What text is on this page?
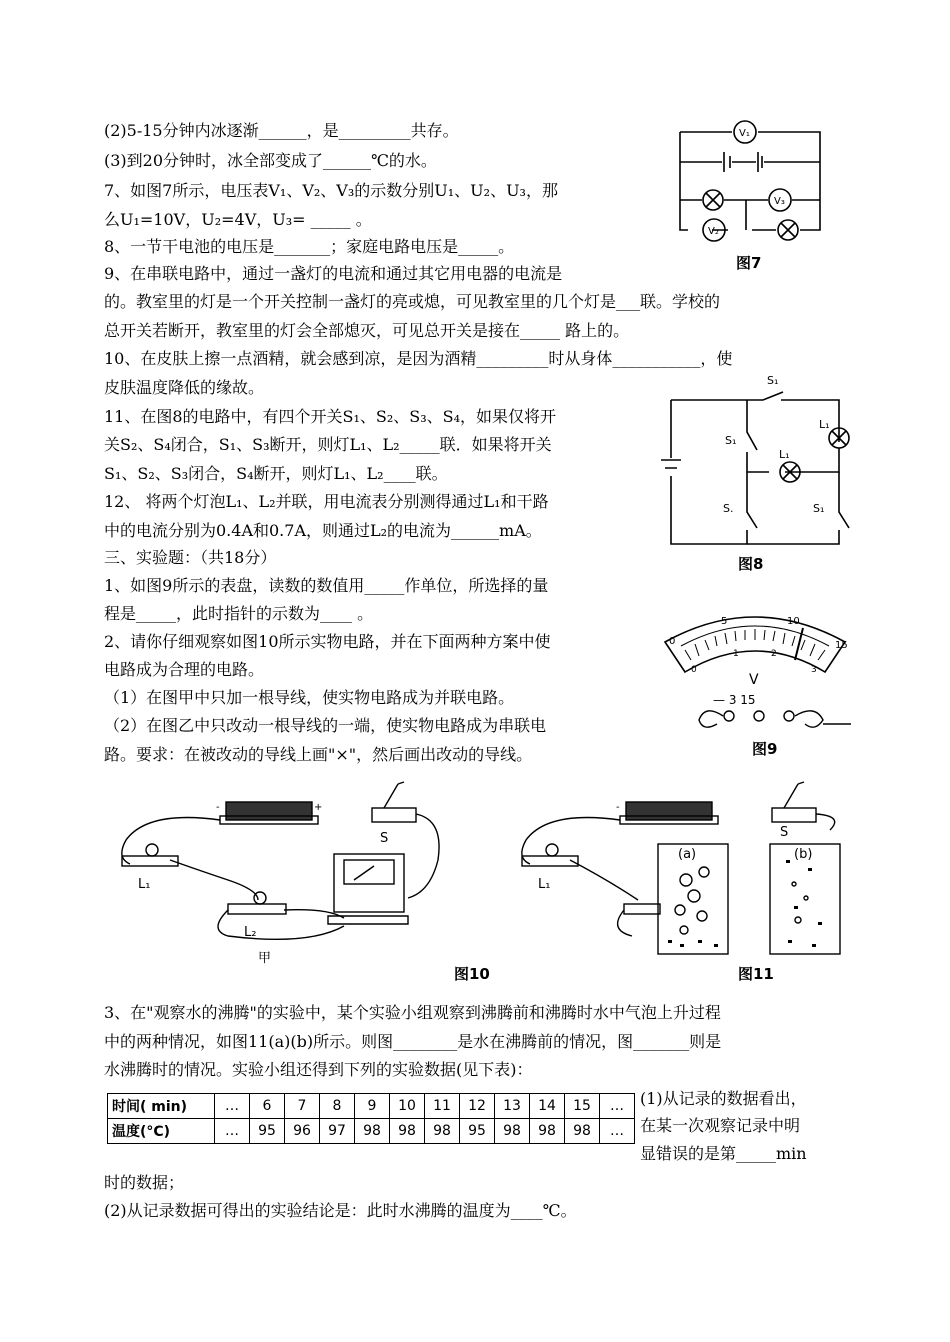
(2)5-15分钟内冰逐渐______，是_________共存。
(3)到20分钟时，冰全部变成了______℃的水。
7、如图7所示，电压表V₁、V₂、V₃的示数分别U₁、U₂、U₃，那
么U₁=10V，U₂=4V，U₃= _____ 。
8、一节干电池的电压是_______；家庭电路电压是_____。
9、在串联电路中，通过一盏灯的电流和通过其它用电器的电流是
的。教室里的灯是一个开关控制一盏灯的亮或熄，可见教室里的几个灯是___联。学校的
总开关若断开，教室里的灯会全部熄灭，可见总开关是接在_____ 路上的。
10、在皮肤上擦一点酒精，就会感到凉，是因为酒精_________时从身体___________，使
皮肤温度降低的缘故。
11、在图8的电路中，有四个开关S₁、S₂、S₃、S₄，如果仅将开
关S₂、S₄闭合，S₁、S₃断开，则灯L₁、L₂_____联．如果将开关
S₁、S₂、S₃闭合，S₄断开，则灯L₁、L₂____联。
12、 将两个灯泡L₁、L₂并联，用电流表分别测得通过L₁和干路
中的电流分别为0.4A和0.7A，则通过L₂的电流为______mA。
三、实验题：（共18分）
1、如图9所示的表盘，读数的数值用_____作单位，所选择的量
程是_____，此时指针的示数为____ 。
2、请你仔细观察如图10所示实物电路，并在下面两种方案中使
电路成为合理的电路。
（1）在图甲中只加一根导线，使实物电路成为并联电路。
（2）在图乙中只改动一根导线的一端，使实物电路成为串联电
路。要求：在被改动的导线上画"×"，然后画出改动的导线。
V₁
V₃
V₂
图7
S₁
S₁
L₁
L₁
S.	S₁
图8
0
5	10
15
0
1	2
3
V
— 3 15
图9
-	+
S
L₁
L₂
甲
图10
-
S
L₁
(a)	(b)
图11
3、在"观察水的沸腾"的实验中，某个实验小组观察到沸腾前和沸腾时水中气泡上升过程
中的两种情况，如图11(a)(b)所示。则图________是水在沸腾前的情况，图_______则是
水沸腾时的情况。实验小组还得到下列的实验数据(见下表)：
时间( min)	…	6	7	8	9	10	11	12	13	14	15	…
温度(°C)	…	95	96	97	98	98	98	95	98	98	98	…
(1)从记录的数据看出，
在某一次观察记录中明
显错误的是第_____min
时的数据；
(2)从记录数据可得出的实验结论是：此时水沸腾的温度为____℃。
